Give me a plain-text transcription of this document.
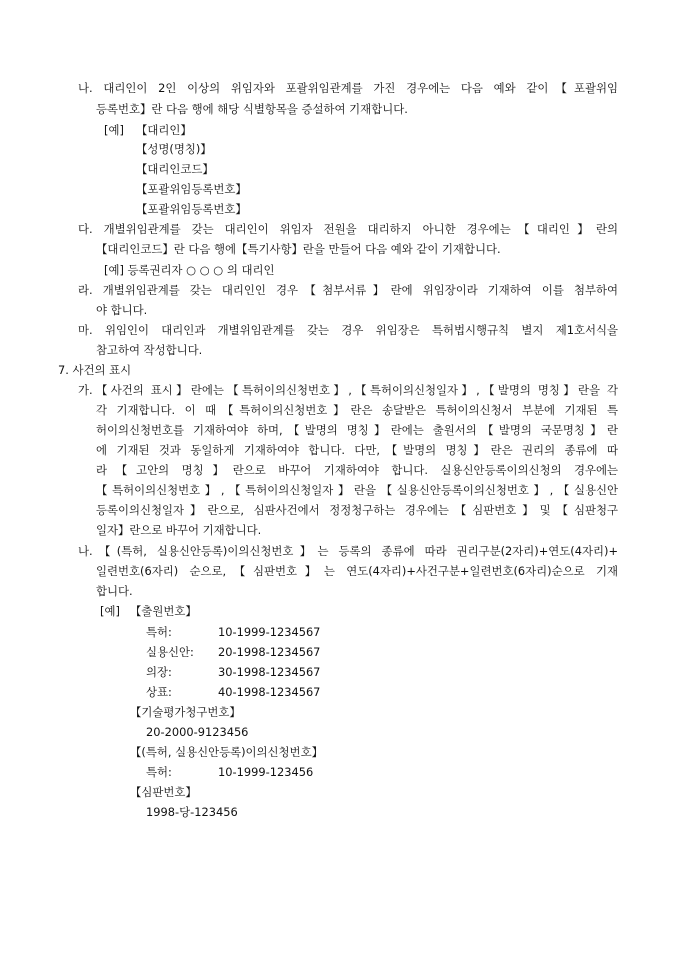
나. 대리인이 2인 이상의 위임자와 포괄위임관계를 가진 경우에는 다음 예와 같이【포괄위임
등록번호】란 다음 행에 해당 식별항목을 증설하여 기재합니다.
[예] 【대리인】
【성명(명칭)】
【대리인코드】
【포괄위임등록번호】
【포괄위임등록번호】
다. 개별위임관계를 갖는 대리인이 위임자 전원을 대리하지 아니한 경우에는【대리인】란의
【대리인코드】란 다음 행에【특기사항】란을 만들어 다음 예와 같이 기재합니다.
[예] 등록권리자 ○ ○ ○ 의 대리인
라. 개별위임관계를 갖는 대리인인 경우【첨부서류】란에 위임장이라 기재하여 이를 첨부하여
야 합니다.
마. 위임인이 대리인과 개별위임관계를 갖는 경우 위임장은 특허법시행규칙 별지 제1호서식을
참고하여 작성합니다.
7. 사건의 표시
가.【사건의 표시】란에는【특허이의신청번호】,【특허이의신청일자】,【발명의 명칭】란을 각
각 기재합니다. 이 때【특허이의신청번호】란은 송달받은 특허이의신청서 부분에 기재된 특
허이의신청번호를 기재하여야 하며,【발명의 명칭】란에는 출원서의【발명의 국문명칭】란
에 기재된 것과 동일하게 기재하여야 합니다. 다만,【발명의 명칭】란은 권리의 종류에 따
라【고안의 명칭】란으로 바꾸어 기재하여야 합니다. 실용신안등록이의신청의 경우에는
【특허이의신청번호】,【특허이의신청일자】란을【실용신안등록이의신청번호】,【실용신안
등록이의신청일자】란으로, 심판사건에서 정정청구하는 경우에는【심판번호】및【심판청구
일자】란으로 바꾸어 기재합니다.
나.【(특허, 실용신안등록)이의신청번호】는 등록의 종류에 따라 권리구분(2자리)+연도(4자리)+
일련번호(6자리) 순으로,【심판번호】는 연도(4자리)+사건구분+일련번호(6자리)순으로 기재
합니다.
[예] 【출원번호】
특허:	10-1999-1234567
실용신안: 20-1998-1234567
의장:	30-1998-1234567
상표:	40-1998-1234567
【기술평가청구번호】
20-2000-9123456
【(특허, 실용신안등록)이의신청번호】
특허:	10-1999-123456
【심판번호】
1998-당-123456
